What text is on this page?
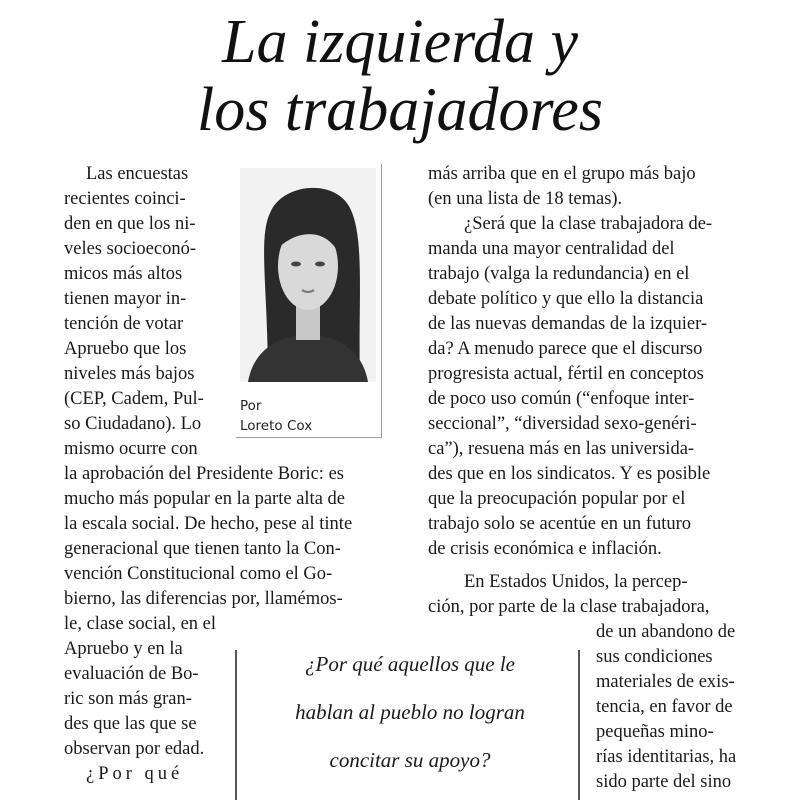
La izquierda y
los trabajadores
Las encuestas
recientes coinci-
den en que los ni-
veles socioeconó-
micos más altos
tienen mayor in-
tención de votar
Apruebo que los
niveles más bajos
(CEP, Cadem, Pul-
so Ciudadano). Lo
mismo ocurre con
la aprobación del Presidente Boric: es
mucho más popular en la parte alta de
la escala social. De hecho, pese al tinte
generacional que tienen tanto la Con-
vención Constitucional como el Go-
bierno, las diferencias por, llamémos-
le, clase social, en el
Apruebo y en la
evaluación de Bo-
ric son más gran-
des que las que se
observan por edad.
¿Por qué
Por
Loreto Cox
más arriba que en el grupo más bajo
(en una lista de 18 temas).
¿Será que la clase trabajadora de-
manda una mayor centralidad del
trabajo (valga la redundancia) en el
debate político y que ello la distancia
de las nuevas demandas de la izquier-
da? A menudo parece que el discurso
progresista actual, fértil en conceptos
de poco uso común (“enfoque inter-
seccional”, “diversidad sexo-genéri-
ca”), resuena más en las universida-
des que en los sindicatos. Y es posible
que la preocupación popular por el
trabajo solo se acentúe en un futuro
de crisis económica e inflación.
En Estados Unidos, la percep-
ción, por parte de la clase trabajadora,
de un abandono de
sus condiciones
materiales de exis-
tencia, en favor de
pequeñas mino-
rías identitarias, ha
sido parte del sino
¿Por qué aquellos que le
hablan al pueblo no logran
concitar su apoyo?
